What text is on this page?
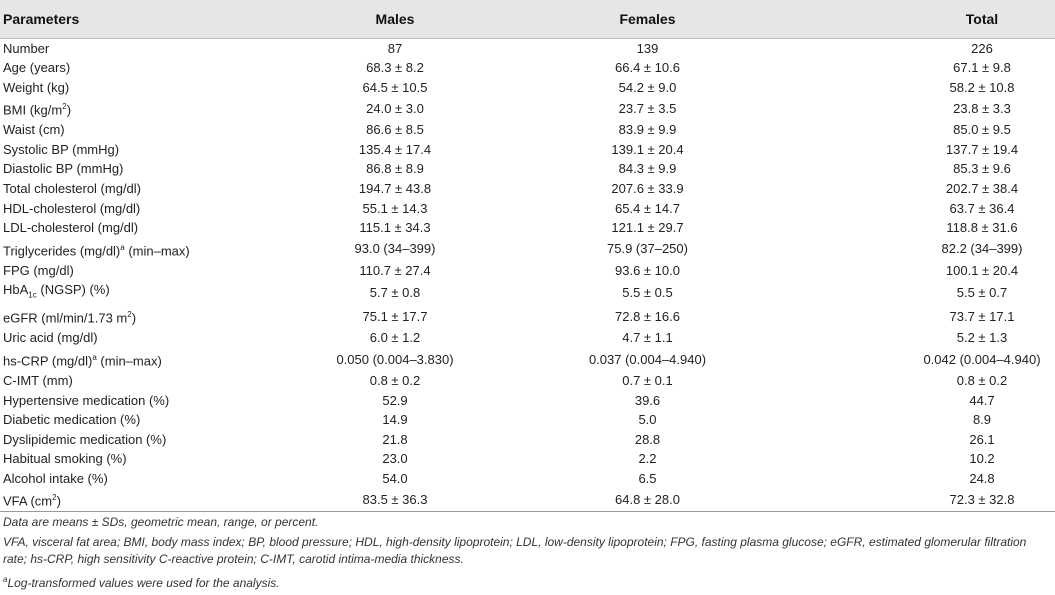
Parameters	Males	Females	Total
Number	87	139	226
Age (years)	68.3 ± 8.2	66.4 ± 10.6	67.1 ± 9.8
Weight (kg)	64.5 ± 10.5	54.2 ± 9.0	58.2 ± 10.8
BMI $(kg/m^2)$	24.0 ± 3.0	23.7 ± 3.5	23.8 ± 3.3
Waist (cm)	86.6 ± 8.5	83.9 ± 9.9	85.0 ± 9.5
Systolic BP (mmHg)	135.4 ± 17.4	139.1 ± 20.4	137.7 ± 19.4
Diastolic BP (mmHg)	86.8 ± 8.9	84.3 ± 9.9	85.3 ± 9.6
Total cholesterol (mg/dl)	194.7 ± 43.8	207.6 ± 33.9	202.7 ± 38.4
HDL-cholesterol (mg/dl)	55.1 ± 14.3	65.4 ± 14.7	63.7 ± 36.4
LDL-cholesterol (mg/dl)	115.1 ± 34.3	121.1 ± 29.7	118.8 ± 31.6
Triglycerides $(mg/dl)^a$ (min–max)	93.0 (34–399)	75.9 (37–250)	82.2 (34–399)
FPG (mg/dl)	110.7 ± 27.4	93.6 ± 10.0	100.1 ± 20.4
HbA$_{1c}$ (NGSP) (%)	5.7 ± 0.8	5.5 ± 0.5	5.5 ± 0.7
eGFR (ml/min/1.73 $m^2$)	75.1 ± 17.7	72.8 ± 16.6	73.7 ± 17.1
Uric acid (mg/dl)	6.0 ± 1.2	4.7 ± 1.1	5.2 ± 1.3
hs-CRP $(mg/dl)^a$ (min–max)	0.050 (0.004–3.830)	0.037 (0.004–4.940)	0.042 (0.004–4.940)
C-IMT (mm)	0.8 ± 0.2	0.7 ± 0.1	0.8 ± 0.2
Hypertensive medication (%)	52.9	39.6	44.7
Diabetic medication (%)	14.9	5.0	8.9
Dyslipidemic medication (%)	21.8	28.8	26.1
Habitual smoking (%)	23.0	2.2	10.2
Alcohol intake (%)	54.0	6.5	24.8
VFA $(cm^2)$	83.5 ± 36.3	64.8 ± 28.0	72.3 ± 32.8

Data are means ± SDs, geometric mean, range, or percent.

VFA, visceral fat area; BMI, body mass index; BP, blood pressure; HDL, high-density lipoprotein; LDL, low-density lipoprotein; FPG, fasting plasma glucose; eGFR, estimated glomerular filtration rate; hs-CRP, high sensitivity C-reactive protein; C-IMT, carotid intima-media thickness.

$^a$Log-transformed values were used for the analysis.
